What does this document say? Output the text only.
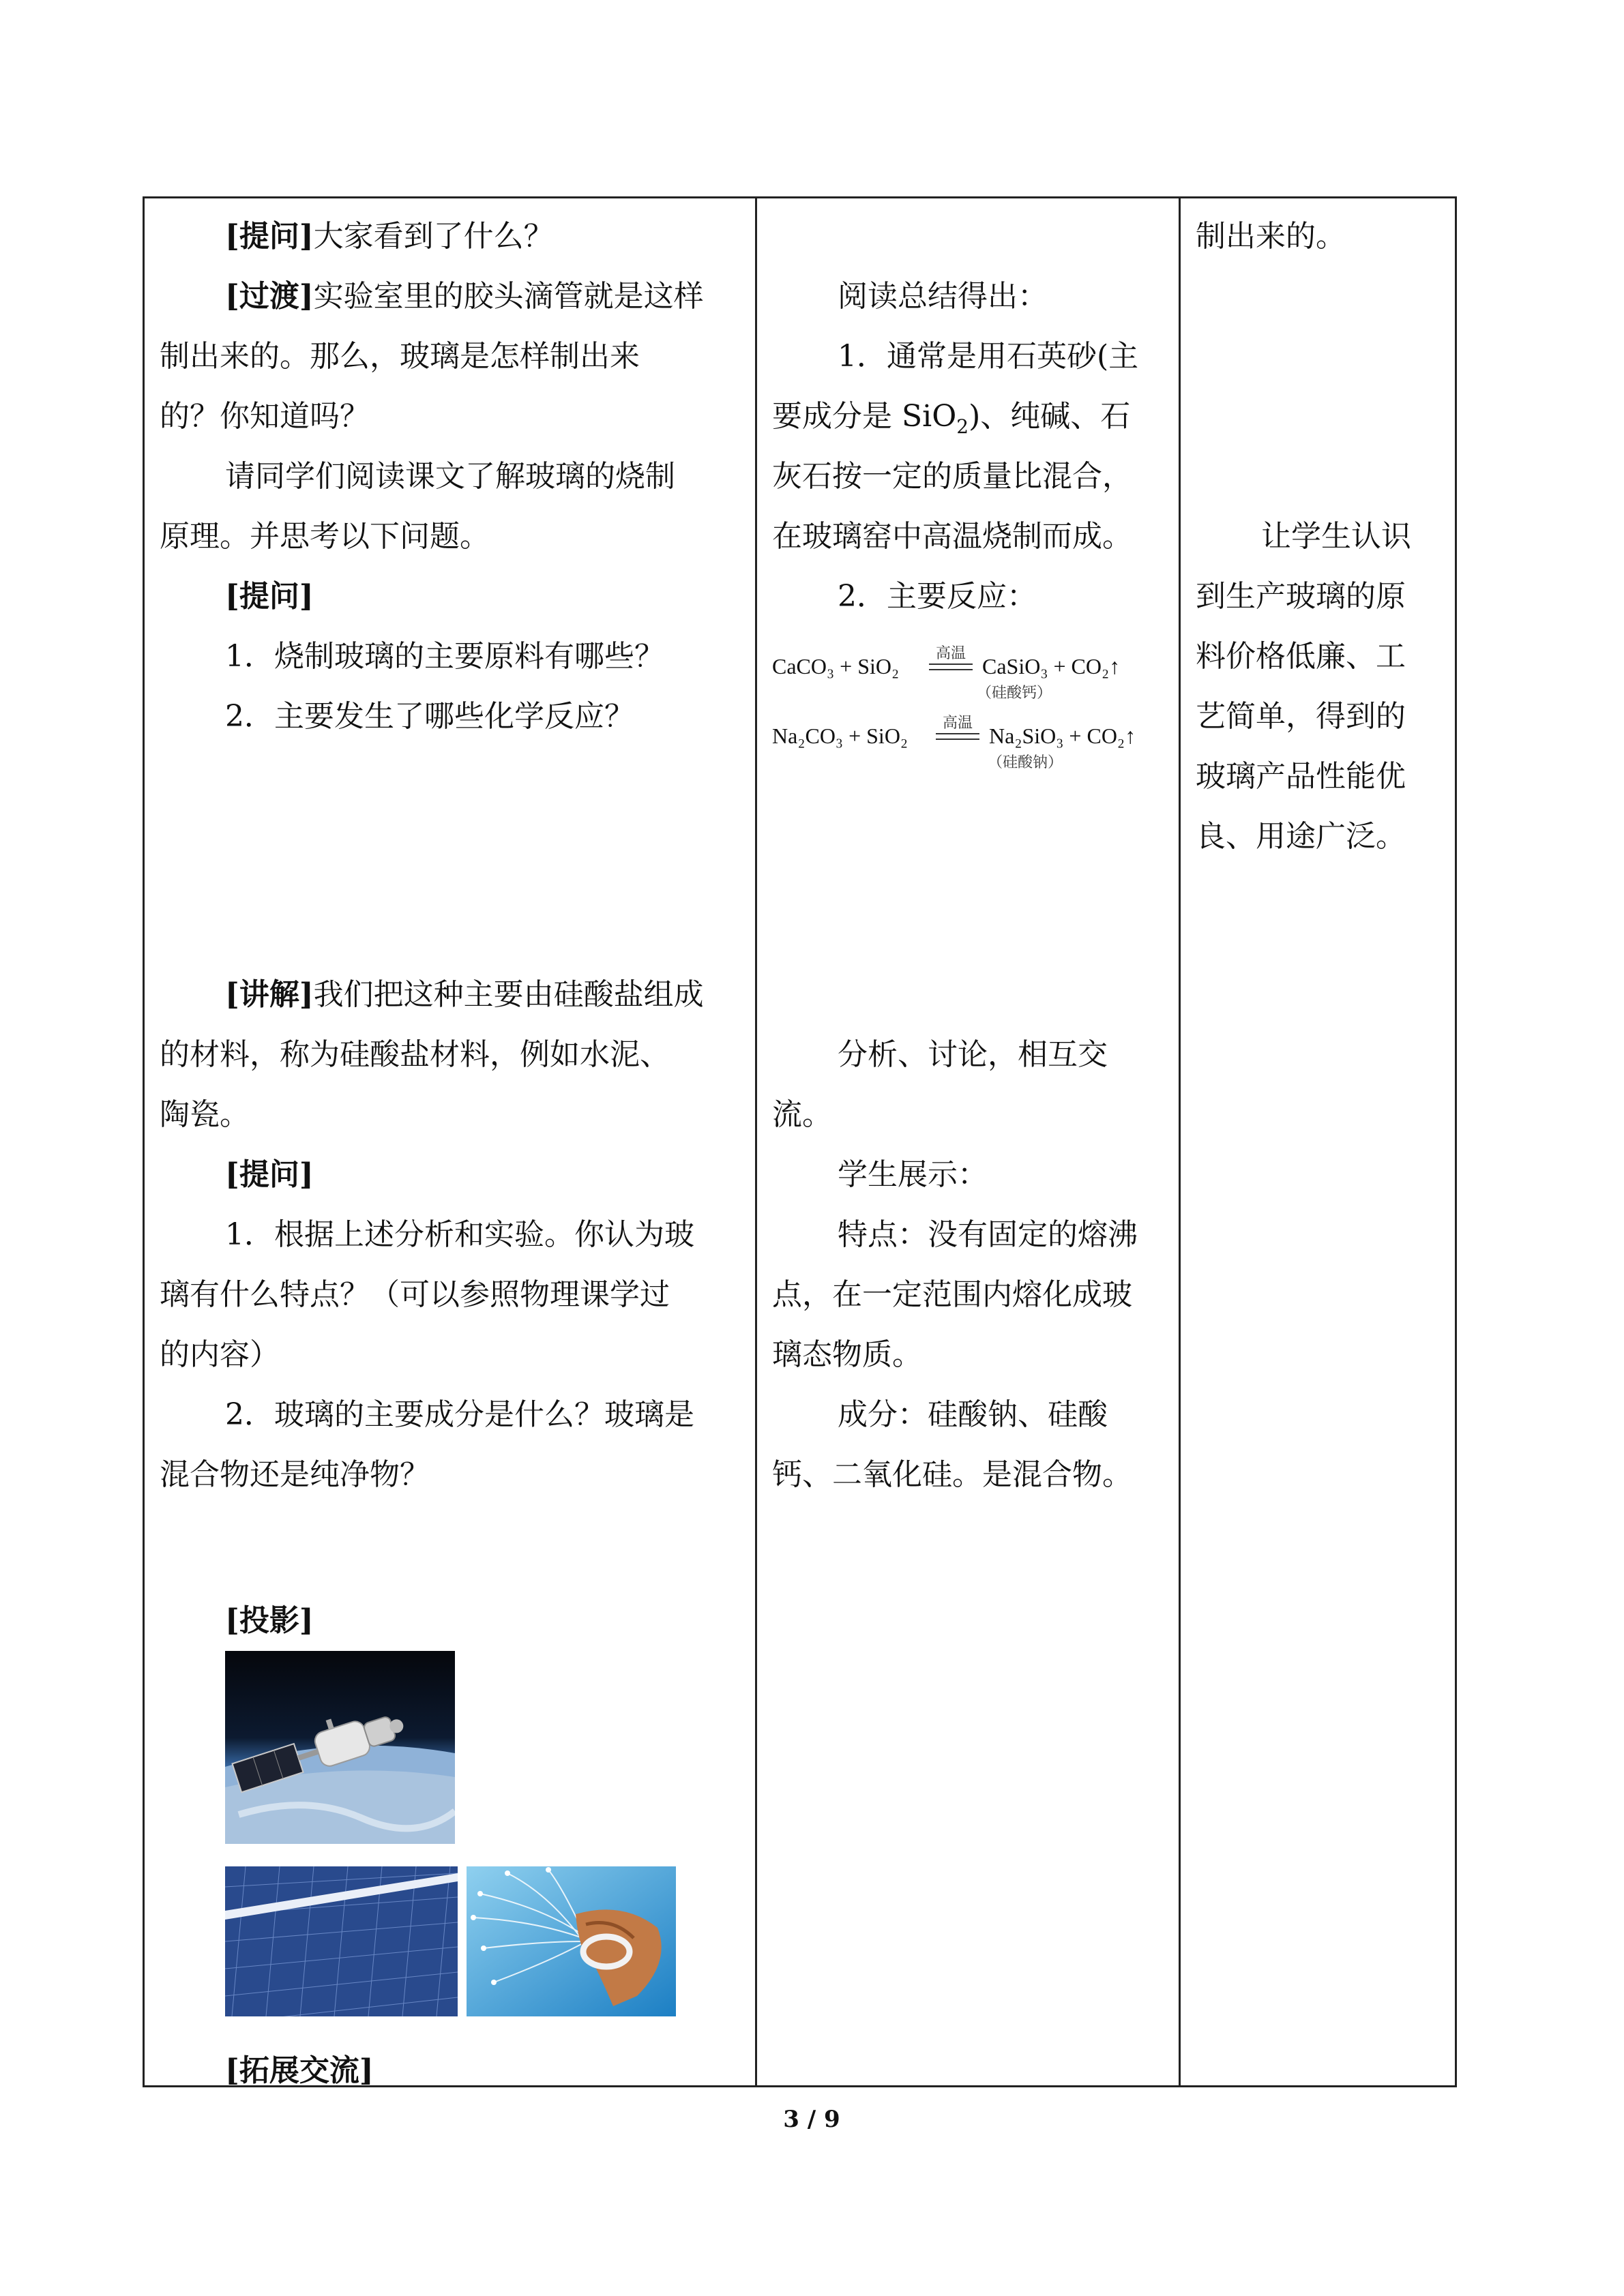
[提问]大家看到了什么？
[过渡]实验室里的胶头滴管就是这样
制出来的。那么，玻璃是怎样制出来
的？你知道吗？
请同学们阅读课文了解玻璃的烧制
原理。并思考以下问题。
[提问]
1．烧制玻璃的主要原料有哪些？
2．主要发生了哪些化学反应？
[讲解]我们把这种主要由硅酸盐组成
的材料，称为硅酸盐材料，例如水泥、
陶瓷。
[提问]
1．根据上述分析和实验。你认为玻
璃有什么特点？（可以参照物理课学过
的内容）
2．玻璃的主要成分是什么？玻璃是
混合物还是纯净物？
[投影]
[拓展交流]
阅读总结得出：
1．通常是用石英砂(主
要成分是 SiO$_2$)、纯碱、石
灰石按一定的质量比混合，
在玻璃窑中高温烧制而成。
2．主要反应：
CaCO₃ + SiO₂
高温
CaSiO₃ + CO₂↑
（硅酸钙）
Na₂CO₃ + SiO₂
高温
Na₂SiO₃ + CO₂↑
（硅酸钠）
分析、讨论，相互交
流。
学生展示：
特点：没有固定的熔沸
点，在一定范围内熔化成玻
璃态物质。
成分：硅酸钠、硅酸
钙、二氧化硅。是混合物。
制出来的。
让学生认识
到生产玻璃的原
料价格低廉、工
艺简单，得到的
玻璃产品性能优
良、用途广泛。
3 / 9
